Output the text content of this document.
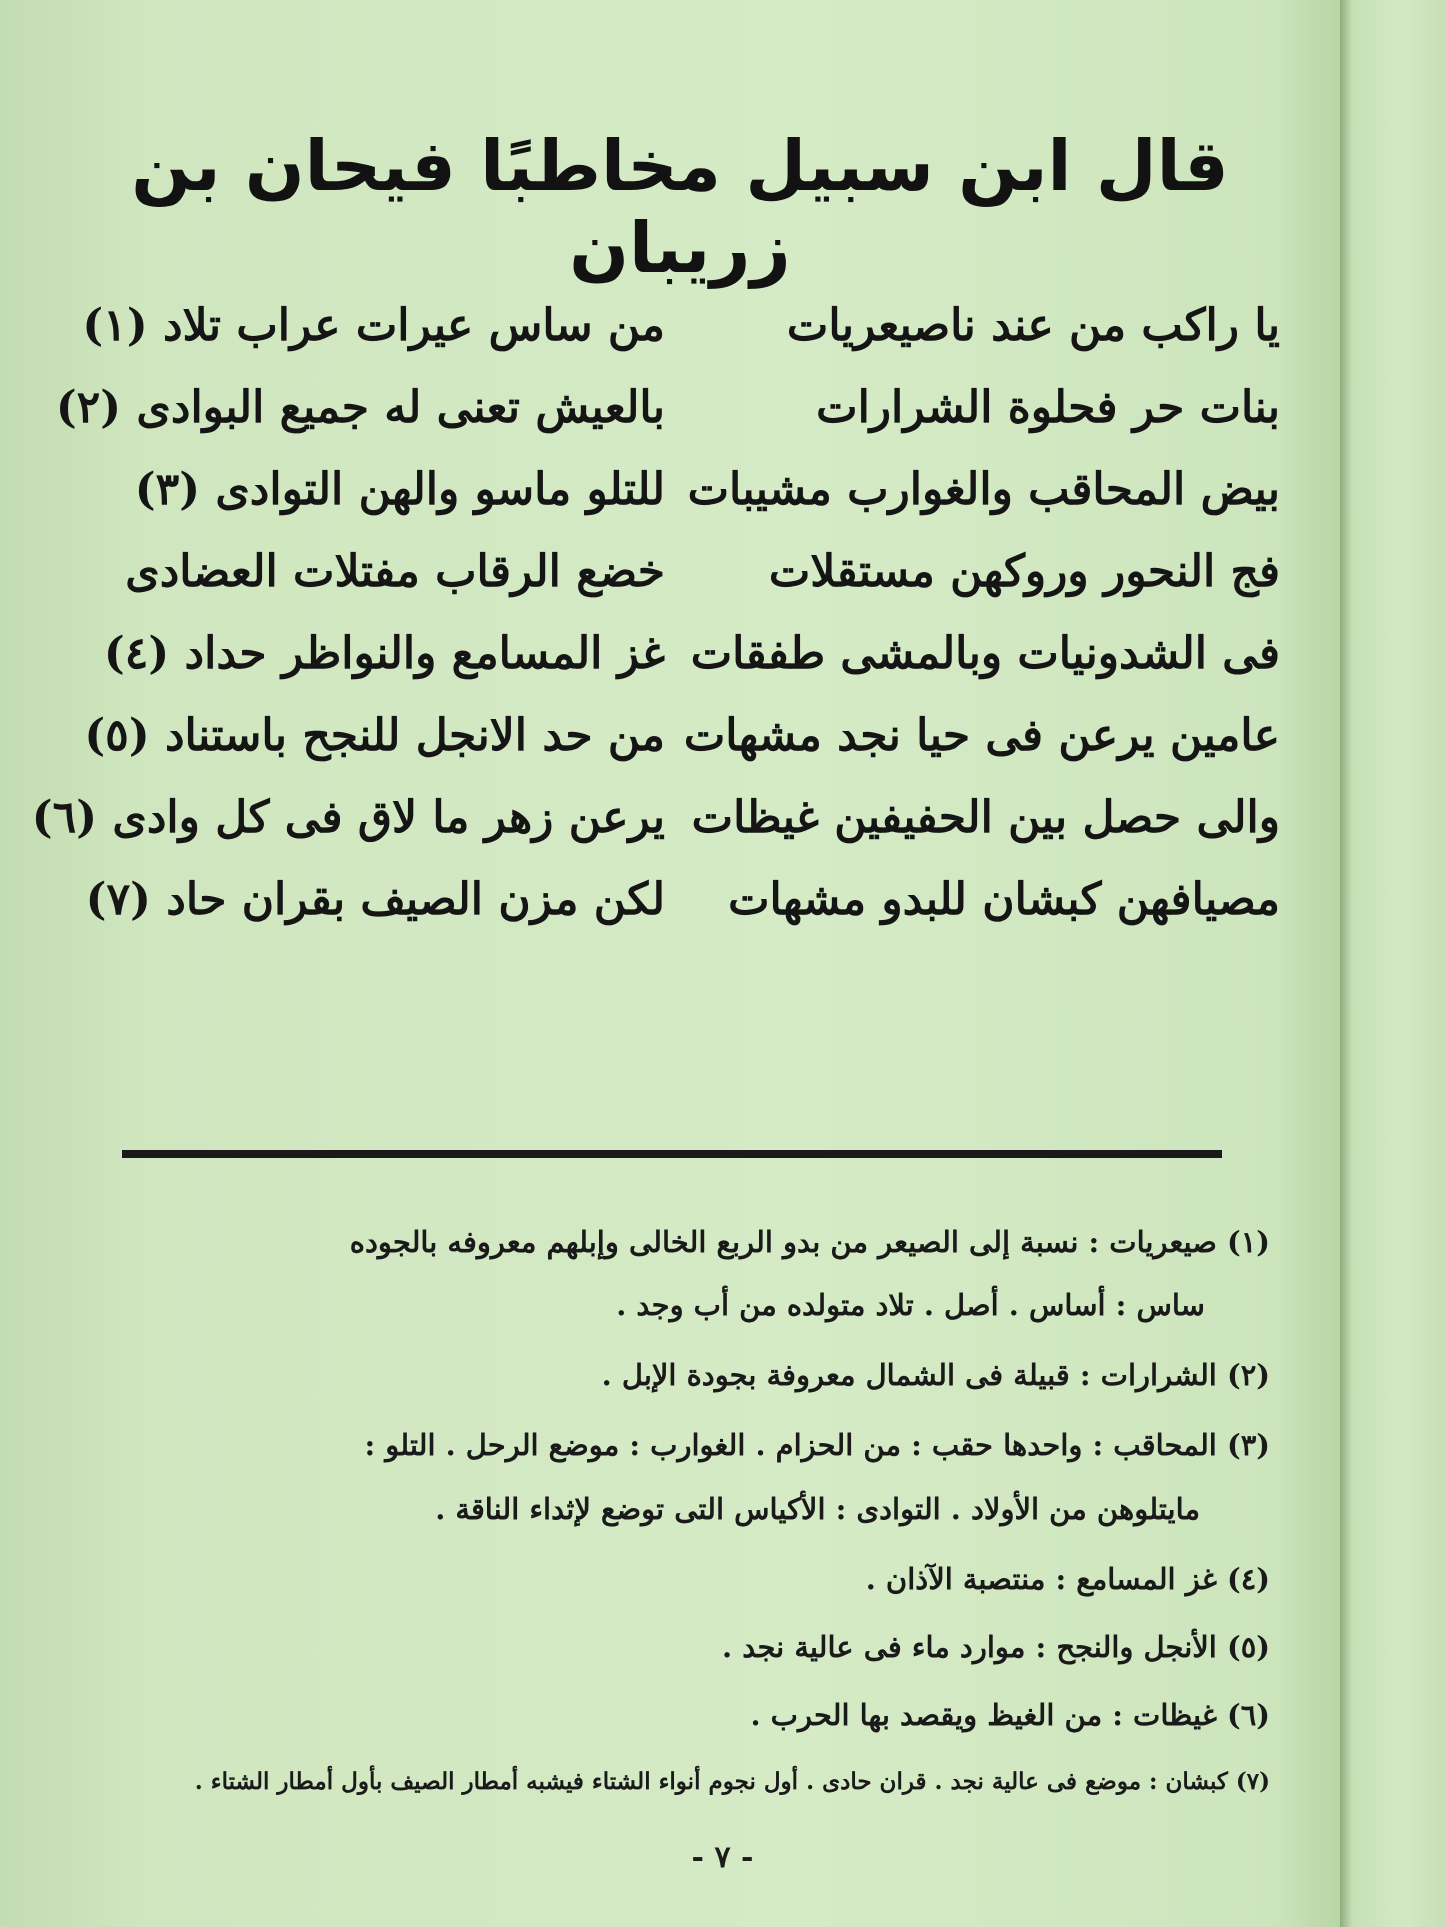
قال ابن سبيل مخاطبًا فيحان بن زريبان
يا راكب من عند ناصيعريات
من ساس عيرات عراب تلاد (١)
بنات حر فحلوة الشرارات
بالعيش تعنى له جميع البوادى (٢)
بيض المحاقب والغوارب مشيبات
للتلو ماسو والهن التوادى (٣)
فج النحور وروكهن مستقلات
خضع الرقاب مفتلات العضادى
فى الشدونيات وبالمشى طفقات
غز المسامع والنواظر حداد (٤)
عامين يرعن فى حيا نجد مشهات
من حد الانجل للنجح باستناد (٥)
والى حصل بين الحفيفين غيظات
يرعن زهر ما لاق فى كل وادى (٦)
مصيافهن كبشان للبدو مشهات
لكن مزن الصيف بقران حاد (٧)
(١) صيعريات : نسبة إلى الصيعر من بدو الربع الخالى وإبلهم معروفه بالجوده
ساس : أساس . أصل . تلاد متولده من أب وجد .
(٢) الشرارات : قبيلة فى الشمال معروفة بجودة الإبل .
(٣) المحاقب : واحدها حقب : من الحزام . الغوارب : موضع الرحل . التلو :
مايتلوهن من الأولاد . التوادى : الأكياس التى توضع لإثداء الناقة .
(٤) غز المسامع : منتصبة الآذان .
(٥) الأنجل والنجح : موارد ماء فى عالية نجد .
(٦) غيظات : من الغيظ ويقصد بها الحرب .
(٧) كبشان : موضع فى عالية نجد . قران حادى . أول نجوم أنواء الشتاء فيشبه أمطار الصيف بأول أمطار الشتاء .
- ٧ -
